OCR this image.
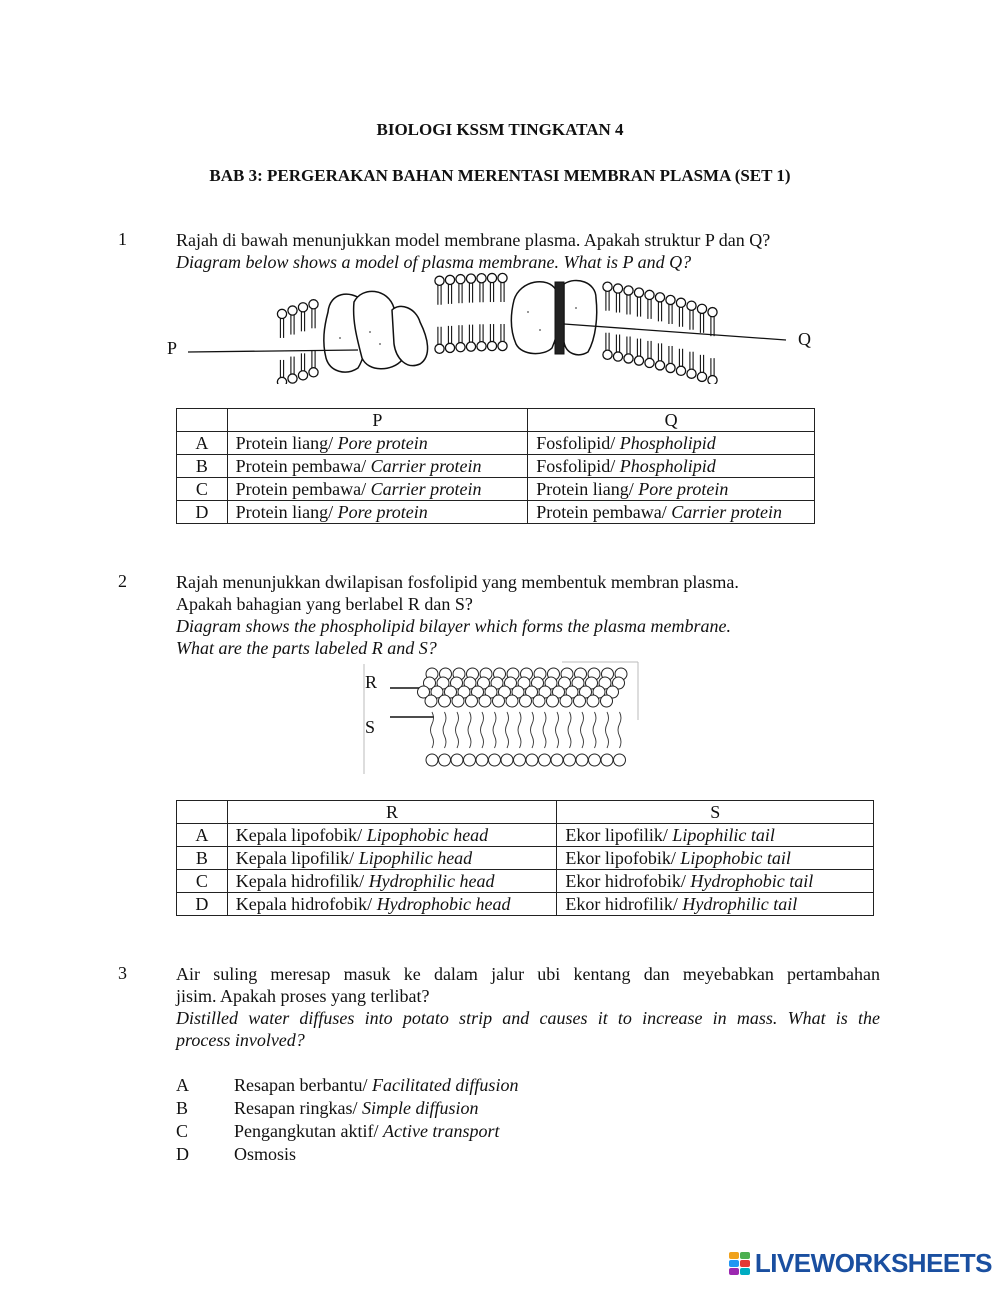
BIOLOGI KSSM TINGKATAN 4
BAB 3: PERGERAKAN BAHAN MERENTASI MEMBRAN PLASMA (SET 1)
1	Rajah di bawah menunjukkan model membrane plasma. Apakah struktur P dan Q?
Diagram below shows a model of plasma membrane. What is P and Q?
P	Q
	P	Q
A	Protein liang/ Pore protein	Fosfolipid/ Phospholipid
B	Protein pembawa/ Carrier protein	Fosfolipid/ Phospholipid
C	Protein pembawa/ Carrier protein	Protein liang/ Pore protein
D	Protein liang/ Pore protein	Protein pembawa/ Carrier protein
2	Rajah menunjukkan dwilapisan fosfolipid yang membentuk membran plasma.
Apakah bahagian yang berlabel R dan S?
Diagram shows the phospholipid bilayer which forms the plasma membrane.
What are the parts labeled R and S?
R
S
	R	S
A	Kepala lipofobik/ Lipophobic head	Ekor lipofilik/ Lipophilic tail
B	Kepala lipofilik/ Lipophilic head	Ekor lipofobik/ Lipophobic tail
C	Kepala hidrofilik/ Hydrophilic head	Ekor hidrofobik/ Hydrophobic tail
D	Kepala hidrofobik/ Hydrophobic head	Ekor hidrofilik/ Hydrophilic tail
3	Air suling meresap masuk ke dalam jalur ubi kentang dan meyebabkan pertambahan
jisim. Apakah proses yang terlibat?
Distilled water diffuses into potato strip and causes it to increase in mass. What is the
process involved?
A	Resapan berbantu/ Facilitated diffusion
B	Resapan ringkas/ Simple diffusion
C	Pengangkutan aktif/ Active transport
D	Osmosis
LIVEWORKSHEETS
